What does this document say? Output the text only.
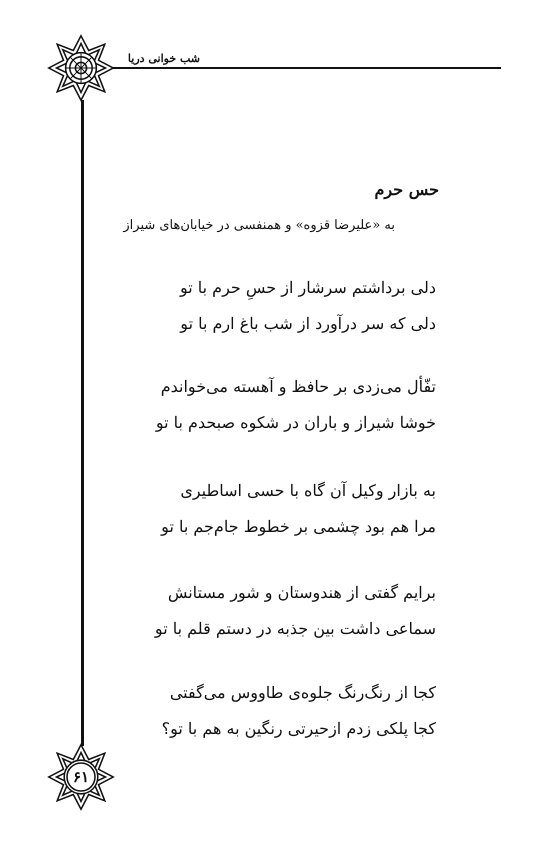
شب خوانی دریا
حس حرم
به «علیرضا قزوه» و همنفسی در خیابان‌های شیراز
دلی برداشتم سرشار از حس‌ِ حرم با تو
دلی که سر درآورد از شب باغ ارم با تو
تفّأل می‌زدی بر حافظ و آهسته می‌خواندم
خوشا شیراز و باران در شکوه صبحدم با تو
به بازار وکیل آن گاه با حسی اساطیری
مرا هم بود چشمی بر خطوط جام‌جم با تو
برایم گفتی از هندوستان و شور مستانش
سماعی داشت بین جذبه در دستم قلم با تو
کجا از رنگ‌رنگ جلوه‌ی طاووس می‌گفتی
کجا پلکی زدم ازحیرتی رنگین به هم با تو؟
۶۱
